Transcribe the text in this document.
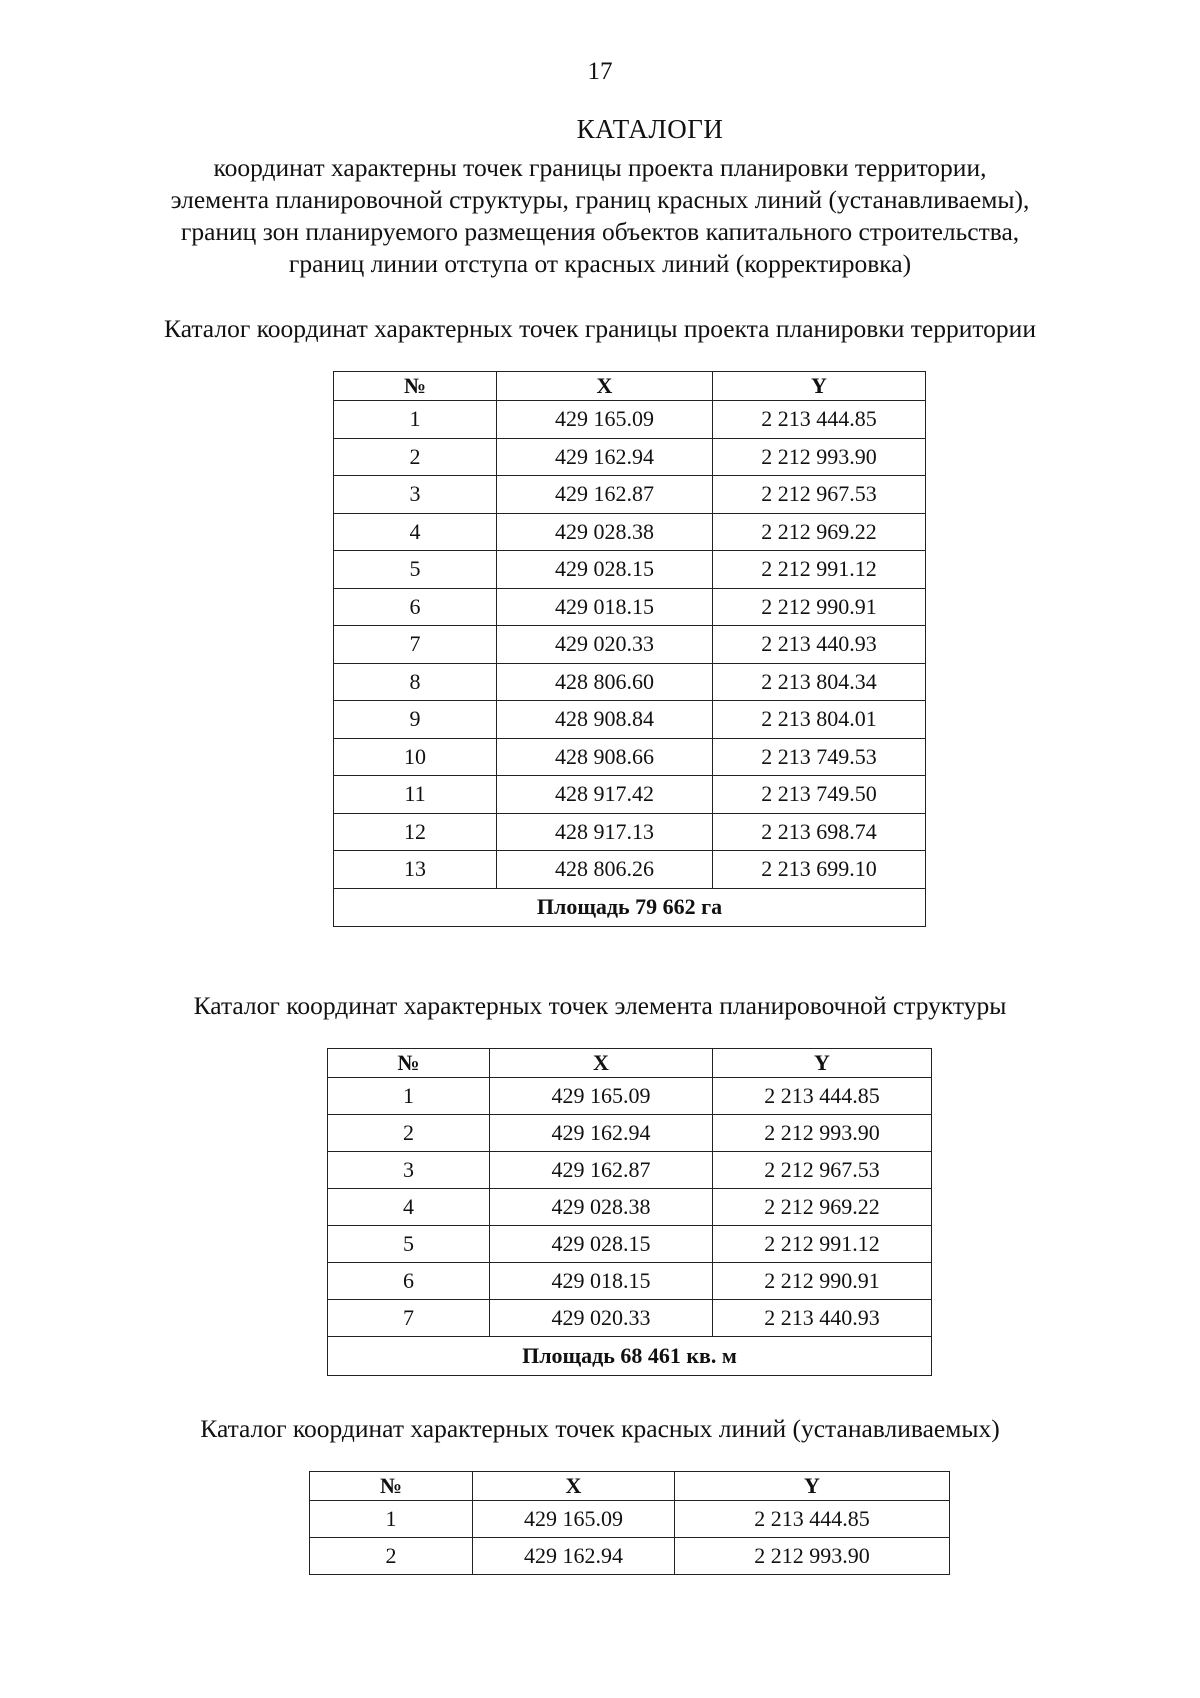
17
КАТАЛОГИ
координат характерны точек границы проекта планировки территории,
элемента планировочной структуры, границ красных линий (устанавливаемы),
границ зон планируемого размещения объектов капитального строительства,
границ линии отступа от красных линий (корректировка)
Каталог координат характерных точек границы проекта планировки территории
№	X	Y
1	429 165.09	2 213 444.85
2	429 162.94	2 212 993.90
3	429 162.87	2 212 967.53
4	429 028.38	2 212 969.22
5	429 028.15	2 212 991.12
6	429 018.15	2 212 990.91
7	429 020.33	2 213 440.93
8	428 806.60	2 213 804.34
9	428 908.84	2 213 804.01
10	428 908.66	2 213 749.53
11	428 917.42	2 213 749.50
12	428 917.13	2 213 698.74
13	428 806.26	2 213 699.10
Площадь 79 662 га		
Каталог координат характерных точек элемента планировочной структуры
№	X	Y
1	429 165.09	2 213 444.85
2	429 162.94	2 212 993.90
3	429 162.87	2 212 967.53
4	429 028.38	2 212 969.22
5	429 028.15	2 212 991.12
6	429 018.15	2 212 990.91
7	429 020.33	2 213 440.93
Площадь 68 461 кв. м		
Каталог координат характерных точек красных линий (устанавливаемых)
№	X	Y
1	429 165.09	2 213 444.85
2	429 162.94	2 212 993.90
